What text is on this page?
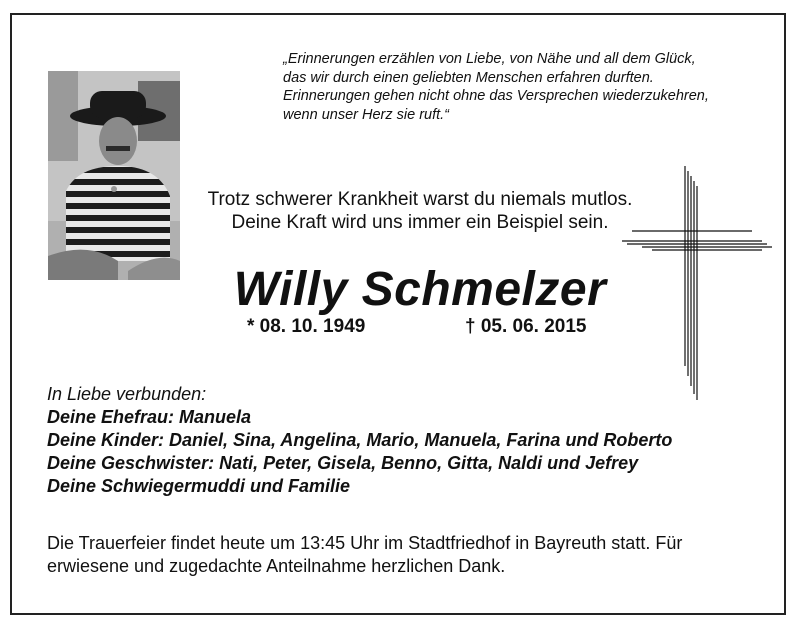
„Erinnerungen erzählen von Liebe, von Nähe und all dem Glück,
das wir durch einen geliebten Menschen erfahren durften.
Erinnerungen gehen nicht ohne das Versprechen wiederzukehren,
wenn unser Herz sie ruft.“
Trotz schwerer Krankheit warst du niemals mutlos.
Deine Kraft wird uns immer ein Beispiel sein.
Willy Schmelzer
* 08. 10. 1949	† 05. 06. 2015
In Liebe verbunden:
Deine Ehefrau: Manuela
Deine Kinder: Daniel, Sina, Angelina, Mario, Manuela, Farina und Roberto
Deine Geschwister: Nati, Peter, Gisela, Benno, Gitta, Naldi und Jefrey
Deine Schwiegermuddi und Familie
Die Trauerfeier findet heute um 13:45 Uhr im Stadtfriedhof in Bayreuth statt. Für erwiesene und zugedachte Anteilnahme herzlichen Dank.
